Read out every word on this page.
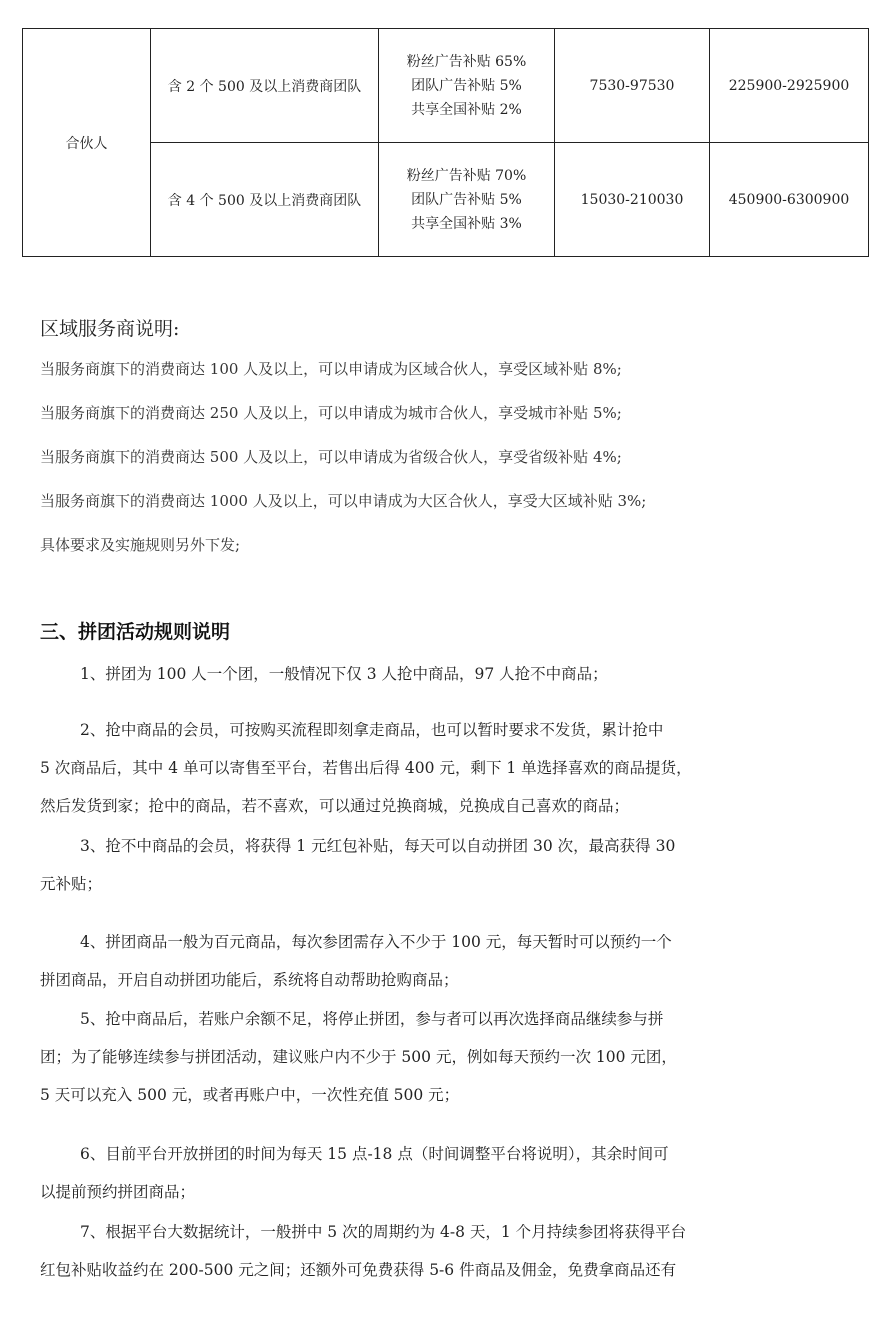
合伙人	含 2 个 500 及以上消费商团队	粉丝广告补贴 65%
团队广告补贴 5%
共享全国补贴 2%	7530-97530	225900-2925900
	含 4 个 500 及以上消费商团队	粉丝广告补贴 70%
团队广告补贴 5%
共享全国补贴 3%	15030-210030	450900-6300900
区域服务商说明:
当服务商旗下的消费商达 100 人及以上，可以申请成为区域合伙人，享受区域补贴 8%;
当服务商旗下的消费商达 250 人及以上，可以申请成为城市合伙人，享受城市补贴 5%;
当服务商旗下的消费商达 500 人及以上，可以申请成为省级合伙人，享受省级补贴 4%;
当服务商旗下的消费商达 1000 人及以上，可以申请成为大区合伙人，享受大区域补贴 3%;
具体要求及实施规则另外下发;
三、拼团活动规则说明
1、拼团为 100 人一个团，一般情况下仅 3 人抢中商品，97 人抢不中商品；
2、抢中商品的会员，可按购买流程即刻拿走商品，也可以暂时要求不发货，累计抢中
5 次商品后，其中 4 单可以寄售至平台，若售出后得 400 元，剩下 1 单选择喜欢的商品提货，
然后发货到家；抢中的商品，若不喜欢，可以通过兑换商城，兑换成自己喜欢的商品；
3、抢不中商品的会员，将获得 1 元红包补贴，每天可以自动拼团 30 次，最高获得 30
元补贴；
4、拼团商品一般为百元商品，每次参团需存入不少于 100 元，每天暂时可以预约一个
拼团商品，开启自动拼团功能后，系统将自动帮助抢购商品；
5、抢中商品后，若账户余额不足，将停止拼团，参与者可以再次选择商品继续参与拼
团；为了能够连续参与拼团活动，建议账户内不少于 500 元，例如每天预约一次 100 元团，
5 天可以充入 500 元，或者再账户中，一次性充值 500 元；
6、目前平台开放拼团的时间为每天 15 点-18 点（时间调整平台将说明），其余时间可
以提前预约拼团商品；
7、根据平台大数据统计，一般拼中 5 次的周期约为 4-8 天，1 个月持续参团将获得平台
红包补贴收益约在 200-500 元之间；还额外可免费获得 5-6 件商品及佣金，免费拿商品还有
